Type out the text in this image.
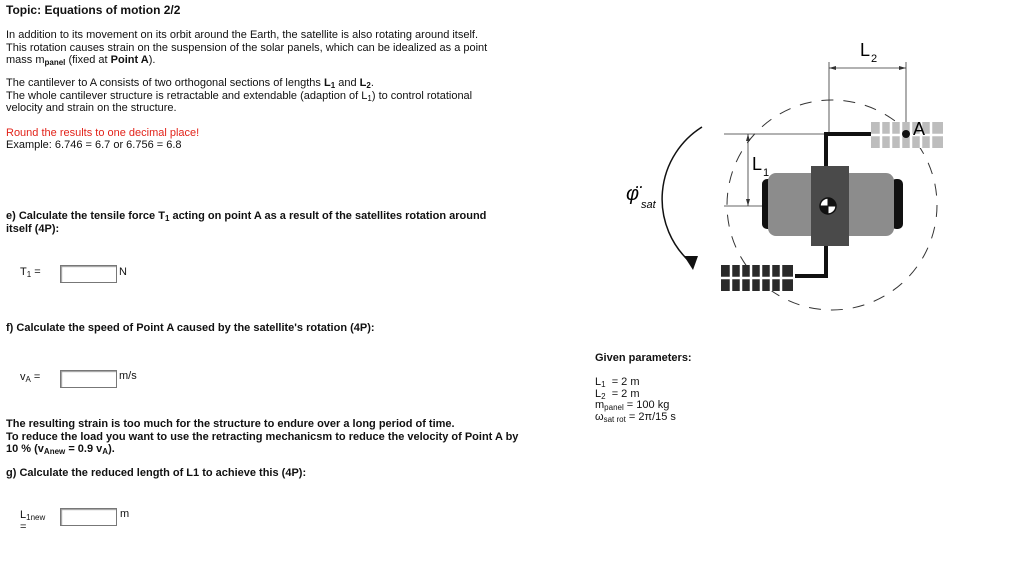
Topic: Equations of motion 2/2
In addition to its movement on its orbit around the Earth, the satellite is also rotating around itself.
This rotation causes strain on the suspension of the solar panels, which can be idealized as a point
mass $m_{panel}$ (fixed at Point A).
The cantilever to A consists of two orthogonal sections of lengths $L_1$ and $L_2$.
The whole cantilever structure is retractable and extendable (adaption of $L_1$) to control rotational
velocity and strain on the structure.
Round the results to one decimal place!
Example: 6.746 = 6.7 or 6.756 = 6.8
e) Calculate the tensile force $T_1$ acting on point A as a result of the satellites rotation around
itself (4P):
$T_1$ =	N
f) Calculate the speed of Point A caused by the satellite's rotation (4P):
$v_A$ =	m/s
The resulting strain is too much for the structure to endure over a long period of time.
To reduce the load you want to use the retracting mechanicsm to reduce the velocity of Point A by
10 % ($v_{Anew} = 0.9$ $v_A$).
g) Calculate the reduced length of L1 to achieve this (4P):
$L_{1new}$
=
m
Given parameters:
$L_1 = 2$ m
$L_2 = 2$ m
$m_{panel} = 100$ kg
$\omega_{sat rot} = 2\pi/15$ s
φ̈ sat
L 2
L 1
A
